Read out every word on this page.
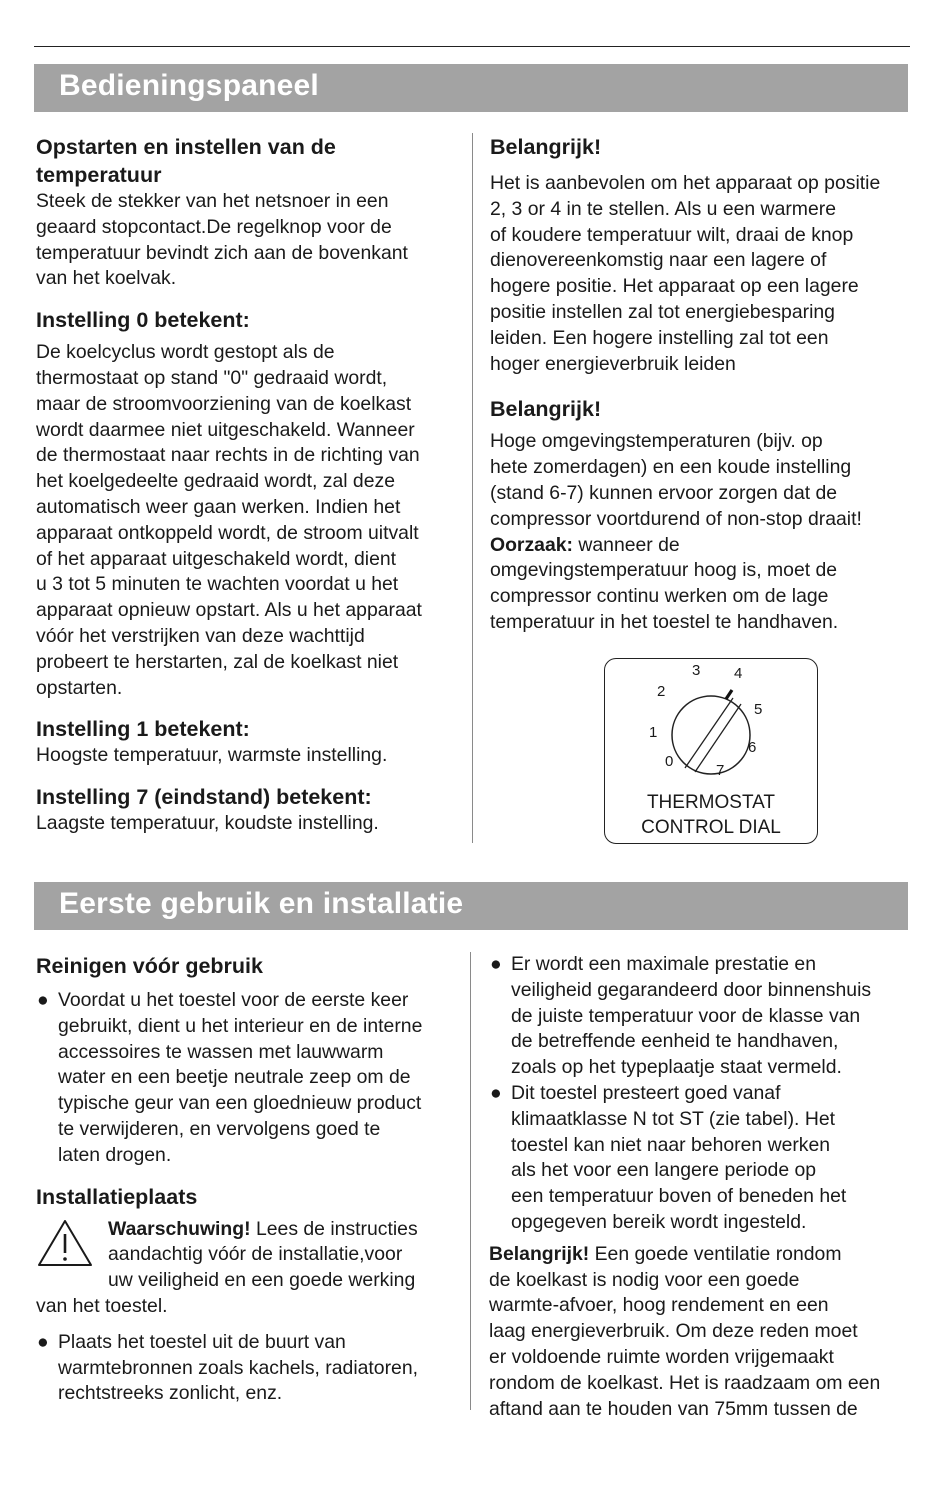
Bedieningspaneel
Opstarten en instellen van de
temperatuur

Steek de stekker van het netsnoer in een
geaard stopcontact.De regelknop voor de
temperatuur bevindt zich aan de bovenkant
van het koelvak.

Instelling 0 betekent:

De koelcyclus wordt gestopt als de
thermostaat op stand "0" gedraaid wordt,
maar de stroomvoorziening van de koelkast
wordt daarmee niet uitgeschakeld. Wanneer
de thermostaat naar rechts in de richting van
het koelgedeelte gedraaid wordt, zal deze
automatisch weer gaan werken. Indien het
apparaat ontkoppeld wordt, de stroom uitvalt
of het apparaat uitgeschakeld wordt, dient
u 3 tot 5 minuten te wachten voordat u het
apparaat opnieuw opstart. Als u het apparaat
vóór het verstrijken van deze wachttijd
probeert te herstarten, zal de koelkast niet
opstarten.

Instelling 1 betekent:

Hoogste temperatuur, warmste instelling.

Instelling 7 (eindstand) betekent:

Laagste temperatuur, koudste instelling.

Belangrijk!

Het is aanbevolen om het apparaat op positie
2, 3 or 4 in te stellen. Als u een warmere
of koudere temperatuur wilt, draai de knop
dienovereenkomstig naar een lagere of
hogere positie. Het apparaat op een lagere
positie instellen zal tot energiebesparing
leiden. Een hogere instelling zal tot een
hoger energieverbruik leiden

Belangrijk!

Hoge omgevingstemperaturen (bijv. op
hete zomerdagen) en een koude instelling
(stand 6-7) kunnen ervoor zorgen dat de
compressor voortdurend of non-stop draait!
Oorzaak: wanneer de
omgevingstemperatuur hoog is, moet de
compressor continu werken om de lage
temperatuur in het toestel te handhaven.

0
1
2
3 4
5
6
7
THERMOSTAT
CONTROL DIAL
Eerste gebruik en installatie
Reinigen vóór gebruik
● Voordat u het toestel voor de eerste keer
gebruikt, dient u het interieur en de interne
accessoires te wassen met lauwwarm
water en een beetje neutrale zeep om de
typische geur van een gloednieuw product
te verwijderen, en vervolgens goed te
laten drogen.
Installatieplaats
Waarschuwing! Lees de instructies
aandachtig vóór de installatie,voor
uw veiligheid en een goede werking
van het toestel.
● Plaats het toestel uit de buurt van
warmtebronnen zoals kachels, radiatoren,
rechtstreeks zonlicht, enz.
● Er wordt een maximale prestatie en
veiligheid gegarandeerd door binnenshuis
de juiste temperatuur voor de klasse van
de betreffende eenheid te handhaven,
zoals op het typeplaatje staat vermeld.
● Dit toestel presteert goed vanaf
klimaatklasse N tot ST (zie tabel). Het
toestel kan niet naar behoren werken
als het voor een langere periode op
een temperatuur boven of beneden het
opgegeven bereik wordt ingesteld.

Belangrijk! Een goede ventilatie rondom
de koelkast is nodig voor een goede
warmte-afvoer, hoog rendement en een
laag energieverbruik. Om deze reden moet
er voldoende ruimte worden vrijgemaakt
rondom de koelkast. Het is raadzaam om een
aftand aan te houden van 75mm tussen de
